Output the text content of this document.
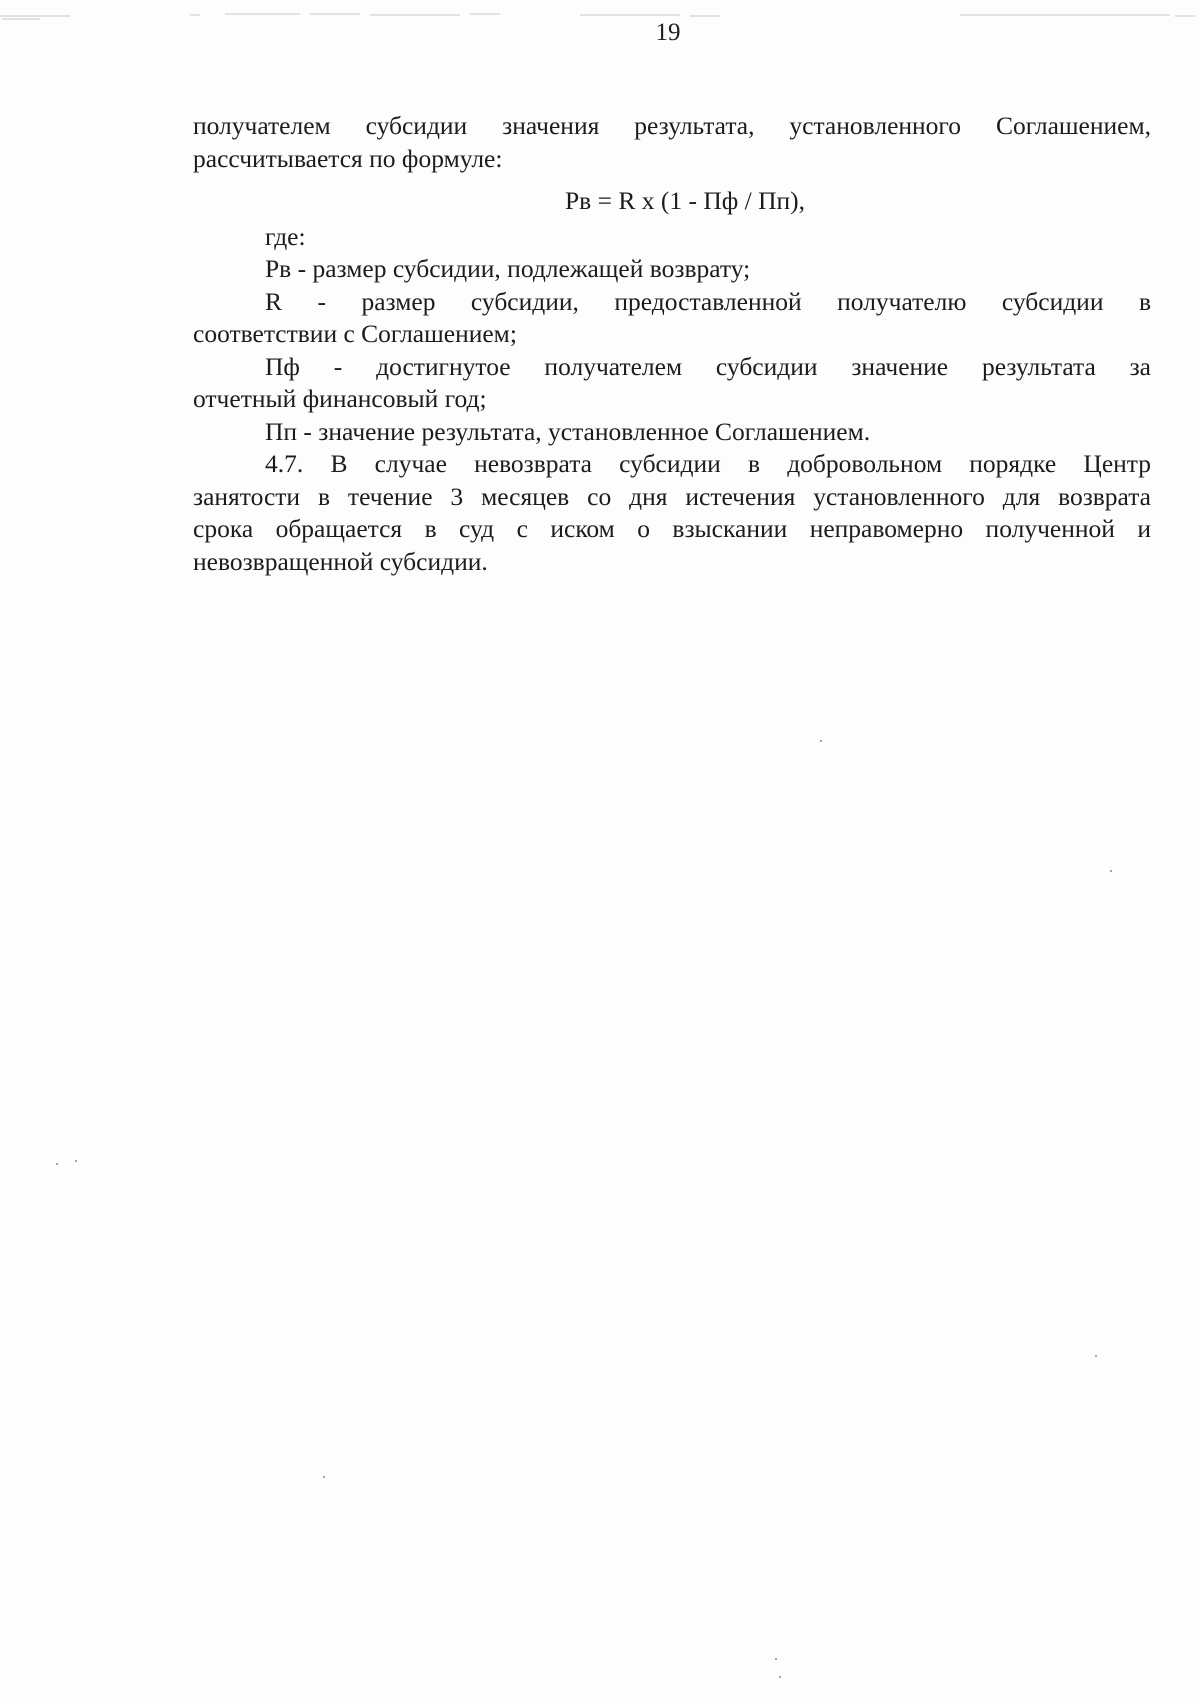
19
получателем субсидии значения результата, установленного Соглашением,
рассчитывается по формуле:
Рв = R x (1 - Пф / Пп),
где:
Рв - размер субсидии, подлежащей возврату;
R - размер субсидии, предоставленной получателю субсидии в
соответствии с Соглашением;
Пф - достигнутое получателем субсидии значение результата за
отчетный финансовый год;
Пп - значение результата, установленное Соглашением.
4.7. В случае невозврата субсидии в добровольном порядке Центр
занятости в течение 3 месяцев со дня истечения установленного для возврата
срока обращается в суд с иском о взыскании неправомерно полученной и
невозвращенной субсидии.
